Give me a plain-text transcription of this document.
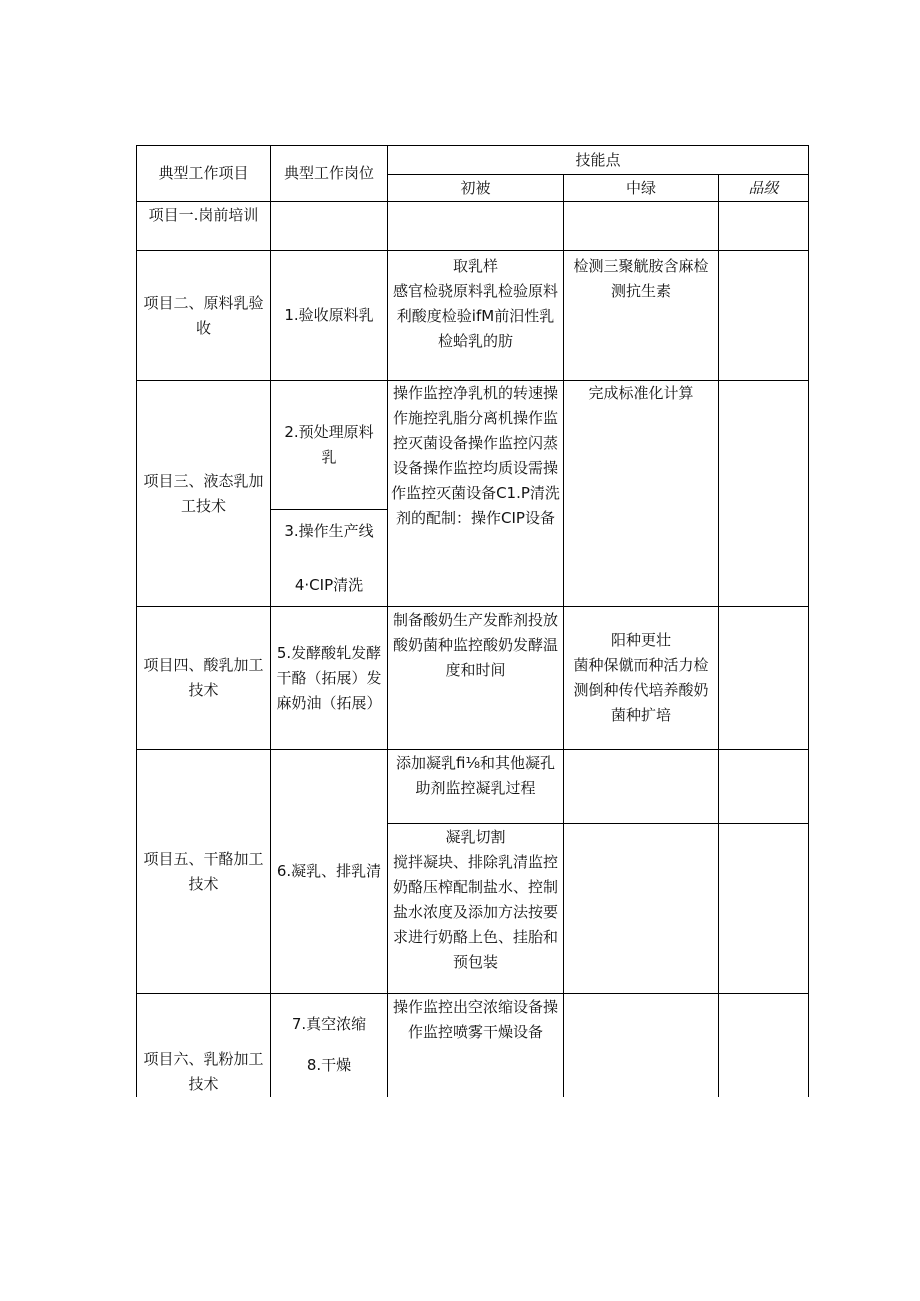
典型工作项目 典型工作岗位
技能点
初被	中绿	品级
项目一.岗前培训
项目二、原料乳验
收
1.验收原料乳
取乳样
感官检骁原料乳检验原料
利酸度检验ifM前汨性乳
检蛤乳的肪
检测三聚觥胺含麻检
测抗生素
项目三、液态乳加
工技术
2.预处理原料
乳
3.操作生产线
4·CIP清洗
操作监控净乳机的转速操
作施控乳脂分离机操作监
控灭菌设备操作监控闪蒸
设备操作监控均质设需操
作监控灭菌设备C1.P清洗
剂的配制：操作CIP设备
完成标准化计算
项目四、酸乳加工
技术
5.发酵酸轧发酵
干酪（拓展）发
麻奶油（拓展）
制备酸奶生产发酢剂投放
酸奶菌种监控酸奶发酵温
度和时间
阳种更壮
菌种保僦而种活力检
测倒种传代培养酸奶
菌种扩培
项目五、干酪加工
技术
6.凝乳、排乳清
添加凝乳fi⅛和其他凝孔
助剂监控凝乳过程
凝乳切割
搅拌凝块、排除乳清监控
奶酪压榨配制盐水、控制
盐水浓度及添加方法按要
求进行奶酪上色、挂胎和
预包装
项目六、乳粉加工
技术
7.真空浓缩
8.干燥
操作监控出空浓缩设备操
作监控喷雾干燥设备
